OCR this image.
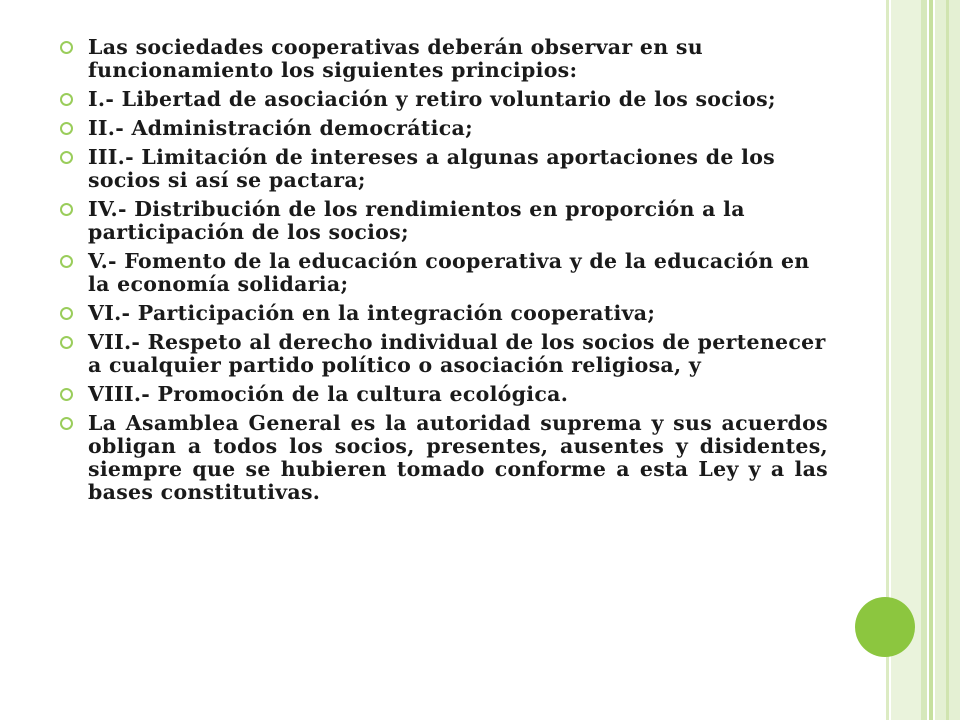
Las sociedades cooperativas deberán observar en su funcionamiento los siguientes principios:
I.- Libertad de asociación y retiro voluntario de los socios;
II.- Administración democrática;
III.- Limitación de intereses a algunas aportaciones de los socios si así se pactara;
IV.- Distribución de los rendimientos en proporción a la participación de los socios;
V.- Fomento de la educación cooperativa y de la educación en la economía solidaria;
VI.- Participación en la integración cooperativa;
VII.- Respeto al derecho individual de los socios de pertenecer a cualquier partido político o asociación religiosa, y
VIII.- Promoción de la cultura ecológica.
La Asamblea General es la autoridad suprema y sus acuerdos obligan a todos los socios, presentes, ausentes y disidentes, siempre que se hubieren tomado conforme a esta Ley y a las bases constitutivas.
